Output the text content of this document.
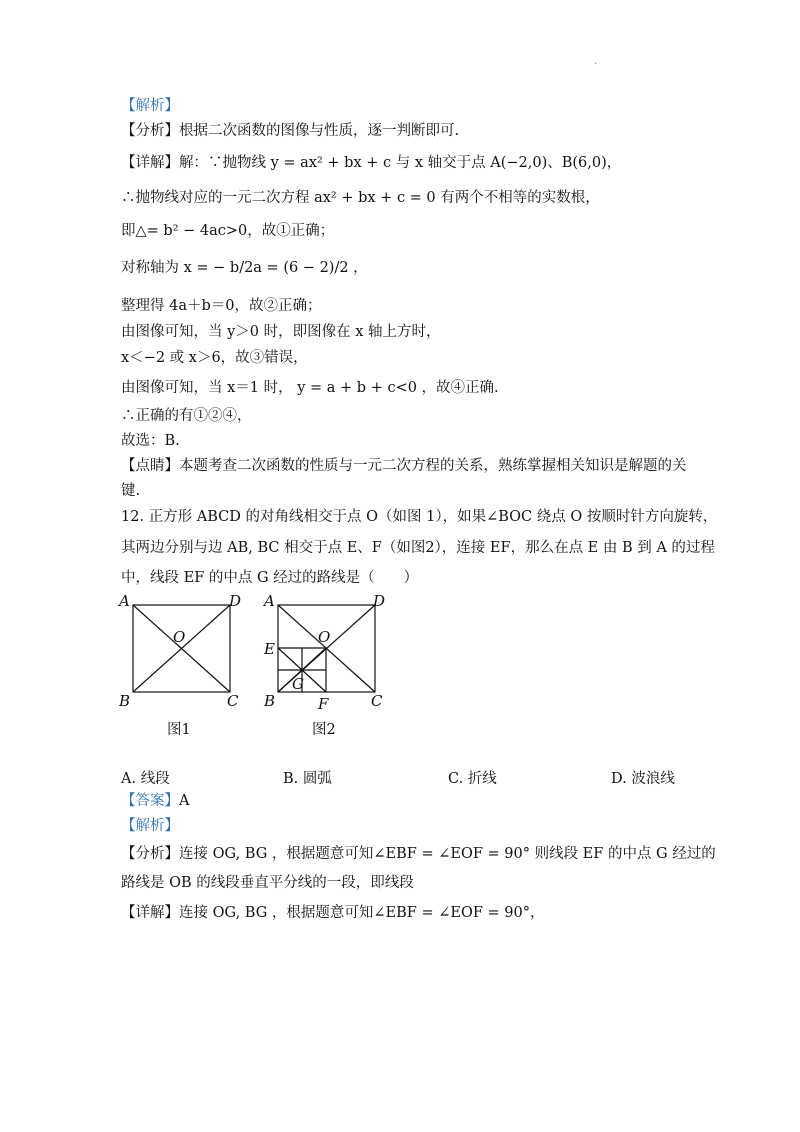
.
【解析】
【分析】根据二次函数的图像与性质，逐一判断即可.
【详解】解：∵抛物线 y = ax² + bx + c 与 x 轴交于点 A(−2,0)、B(6,0)，
∴抛物线对应的一元二次方程 ax² + bx + c = 0 有两个不相等的实数根，
即△= b² − 4ac>0，故①正确；
对称轴为 x = − b/2a = (6 − 2)/2 ，
整理得 4a＋b＝0，故②正确；
由图像可知，当 y＞0 时，即图像在 x 轴上方时，
x＜−2 或 x＞6，故③错误，
由图像可知，当 x＝1 时， y = a + b + c<0 ，故④正确.
∴正确的有①②④，
故选：B.
【点睛】本题考查二次函数的性质与一元二次方程的关系，熟练掌握相关知识是解题的关
键.
12. 正方形 ABCD 的对角线相交于点 O（如图 1），如果∠BOC 绕点 O 按顺时针方向旋转，
其两边分别与边 AB, BC 相交于点 E、F（如图2），连接 EF，那么在点 E 由 B 到 A 的过程
中，线段 EF 的中点 G 经过的路线是（　　）
A	D
O
B	C
图1
A	D
O
E
G
B	F	C
图2
A. 线段	B. 圆弧	C. 折线	D. 波浪线
【答案】A
【解析】
【分析】连接 OG, BG ，根据题意可知∠EBF = ∠EOF = 90° 则线段 EF 的中点 G 经过的
路线是 OB 的线段垂直平分线的一段，即线段
【详解】连接 OG, BG ，根据题意可知∠EBF = ∠EOF = 90°，
